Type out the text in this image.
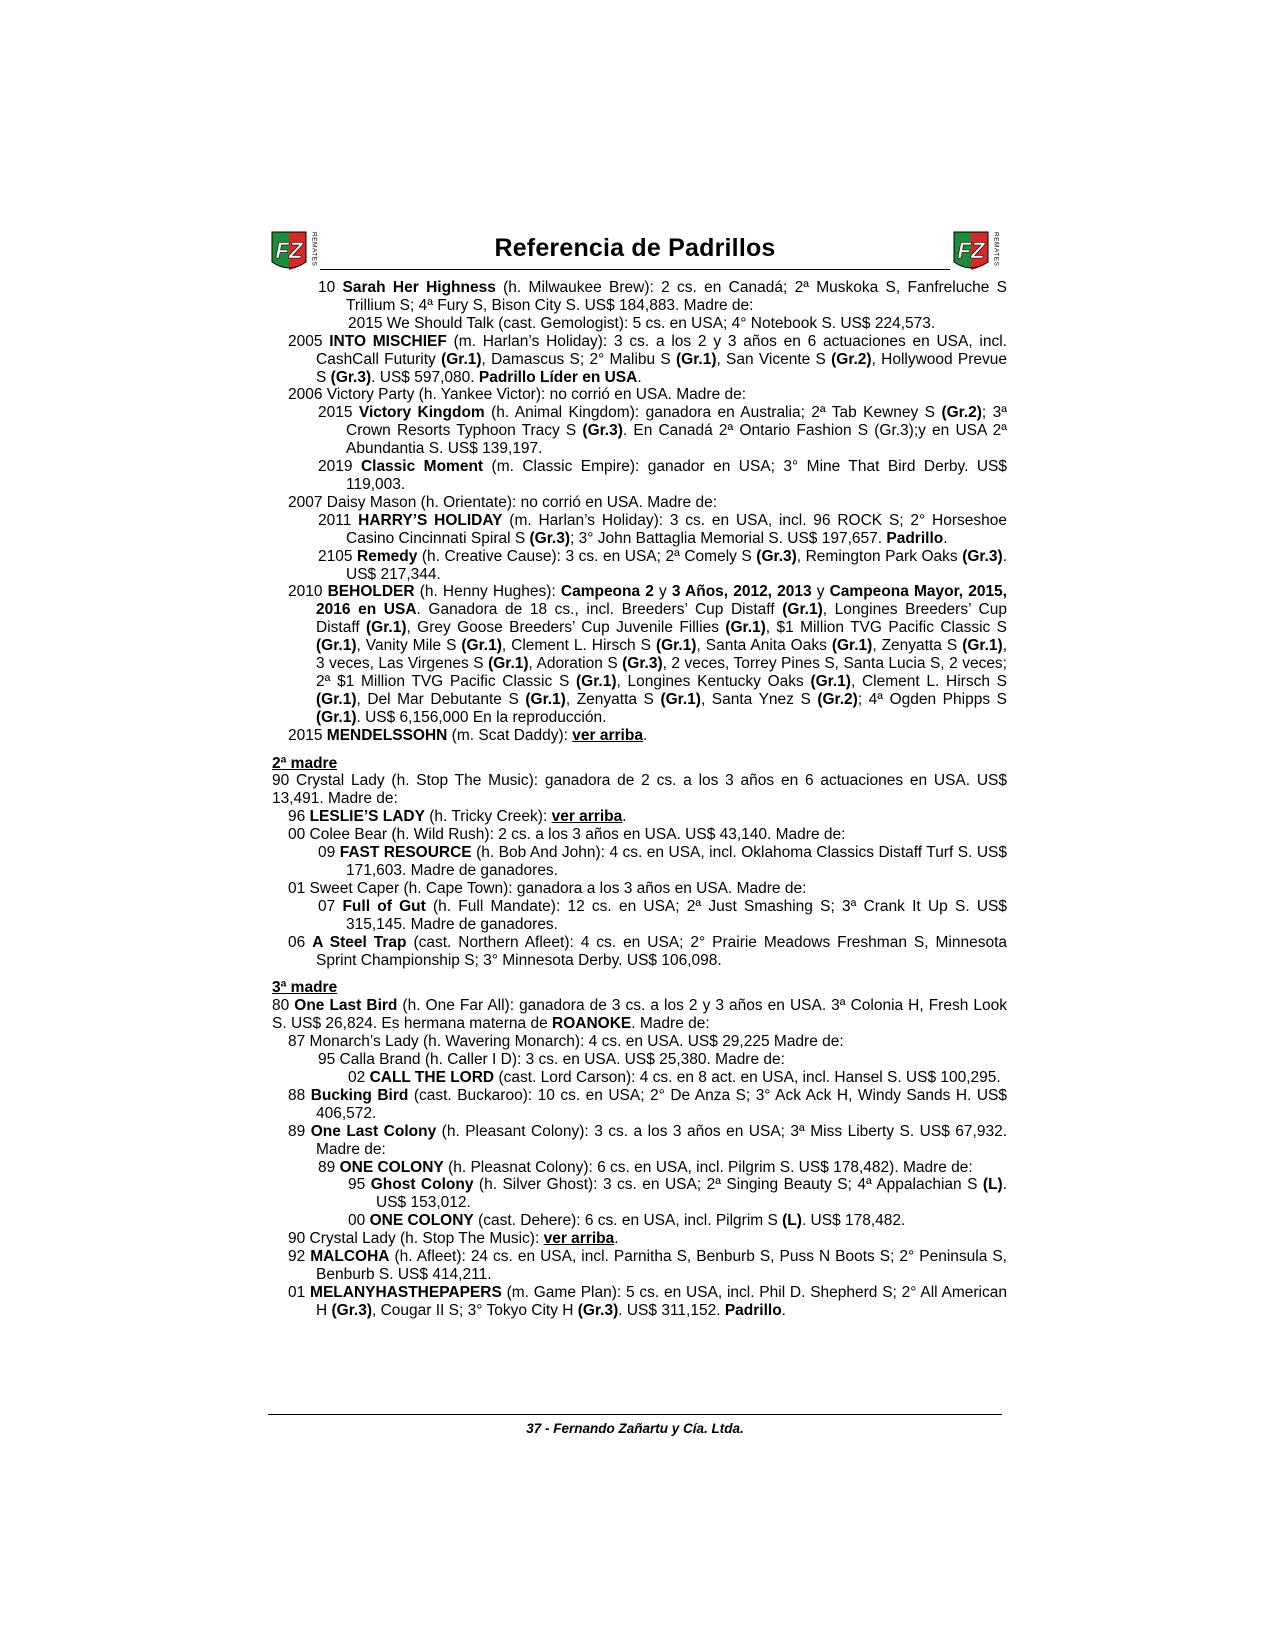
FZ REMATES	Referencia de Padrillos	FZ REMATES

10 Sarah Her Highness (h. Milwaukee Brew): 2 cs. en Canadá; 2ª Muskoka S, Fanfreluche S Trillium S; 4ª Fury S, Bison City S. US$ 184,883. Madre de:

2015 We Should Talk (cast. Gemologist): 5 cs. en USA; 4° Notebook S. US$ 224,573.

2005 INTO MISCHIEF (m. Harlan’s Holiday): 3 cs. a los 2 y 3 años en 6 actuaciones en USA, incl. CashCall Futurity (Gr.1), Damascus S; 2° Malibu S (Gr.1), San Vicente S (Gr.2), Hollywood Prevue S (Gr.3). US$ 597,080. Padrillo Líder en USA.

2006 Victory Party (h. Yankee Victor): no corrió en USA. Madre de:

2015 Victory Kingdom (h. Animal Kingdom): ganadora en Australia; 2ª Tab Kewney S (Gr.2); 3ª Crown Resorts Typhoon Tracy S (Gr.3). En Canadá 2ª Ontario Fashion S (Gr.3);y en USA 2ª Abundantia S. US$ 139,197.

2019 Classic Moment (m. Classic Empire): ganador en USA; 3° Mine That Bird Derby. US$ 119,003.

2007 Daisy Mason (h. Orientate): no corrió en USA. Madre de:

2011 HARRY’S HOLIDAY (m. Harlan’s Holiday): 3 cs. en USA, incl. 96 ROCK S; 2° Horseshoe Casino Cincinnati Spiral S (Gr.3); 3° John Battaglia Memorial S. US$ 197,657. Padrillo.

2105 Remedy (h. Creative Cause): 3 cs. en USA; 2ª Comely S (Gr.3), Remington Park Oaks (Gr.3). US$ 217,344.

2010 BEHOLDER (h. Henny Hughes): Campeona 2 y 3 Años, 2012, 2013 y Campeona Mayor, 2015, 2016 en USA. Ganadora de 18 cs., incl. Breeders’ Cup Distaff (Gr.1), Longines Breeders’ Cup Distaff (Gr.1), Grey Goose Breeders’ Cup Juvenile Fillies (Gr.1), $1 Million TVG Pacific Classic S (Gr.1), Vanity Mile S (Gr.1), Clement L. Hirsch S (Gr.1), Santa Anita Oaks (Gr.1), Zenyatta S (Gr.1), 3 veces, Las Virgenes S (Gr.1), Adoration S (Gr.3), 2 veces, Torrey Pines S, Santa Lucia S, 2 veces; 2ª $1 Million TVG Pacific Classic S (Gr.1), Longines Kentucky Oaks (Gr.1), Clement L. Hirsch S (Gr.1), Del Mar Debutante S (Gr.1), Zenyatta S (Gr.1), Santa Ynez S (Gr.2); 4ª Ogden Phipps S (Gr.1). US$ 6,156,000 En la reproducción.

2015 MENDELSSOHN (m. Scat Daddy): ver arriba.

2ª madre

90 Crystal Lady (h. Stop The Music): ganadora de 2 cs. a los 3 años en 6 actuaciones en USA. US$ 13,491. Madre de:

96 LESLIE’S LADY (h. Tricky Creek): ver arriba.

00 Colee Bear (h. Wild Rush): 2 cs. a los 3 años en USA. US$ 43,140. Madre de:

09 FAST RESOURCE (h. Bob And John): 4 cs. en USA, incl. Oklahoma Classics Distaff Turf S. US$ 171,603. Madre de ganadores.

01 Sweet Caper (h. Cape Town): ganadora a los 3 años en USA. Madre de:

07 Full of Gut (h. Full Mandate): 12 cs. en USA; 2ª Just Smashing S; 3ª Crank It Up S. US$ 315,145. Madre de ganadores.

06 A Steel Trap (cast. Northern Afleet): 4 cs. en USA; 2° Prairie Meadows Freshman S, Minnesota Sprint Championship S; 3° Minnesota Derby. US$ 106,098.

3ª madre

80 One Last Bird (h. One Far All): ganadora de 3 cs. a los 2 y 3 años en USA. 3ª Colonia H, Fresh Look S. US$ 26,824. Es hermana materna de ROANOKE. Madre de:

87 Monarch’s Lady (h. Wavering Monarch): 4 cs. en USA. US$ 29,225 Madre de:

95 Calla Brand (h. Caller I D): 3 cs. en USA. US$ 25,380. Madre de:

02 CALL THE LORD (cast. Lord Carson): 4 cs. en 8 act. en USA, incl. Hansel S. US$ 100,295.

88 Bucking Bird (cast. Buckaroo): 10 cs. en USA; 2° De Anza S; 3° Ack Ack H, Windy Sands H. US$ 406,572.

89 One Last Colony (h. Pleasant Colony): 3 cs. a los 3 años en USA; 3ª Miss Liberty S. US$ 67,932. Madre de:

89 ONE COLONY (h. Pleasnat Colony): 6 cs. en USA, incl. Pilgrim S. US$ 178,482). Madre de:

95 Ghost Colony (h. Silver Ghost): 3 cs. en USA; 2ª Singing Beauty S; 4ª Appalachian S (L). US$ 153,012.

00 ONE COLONY (cast. Dehere): 6 cs. en USA, incl. Pilgrim S (L). US$ 178,482.

90 Crystal Lady (h. Stop The Music): ver arriba.

92 MALCOHA (h. Afleet): 24 cs. en USA, incl. Parnitha S, Benburb S, Puss N Boots S; 2° Peninsula S, Benburb S. US$ 414,211.

01 MELANYHASTHEPAPERS (m. Game Plan): 5 cs. en USA, incl. Phil D. Shepherd S; 2° All American H (Gr.3), Cougar II S; 3° Tokyo City H (Gr.3). US$ 311,152. Padrillo.

37 - Fernando Zañartu y Cía. Ltda.
